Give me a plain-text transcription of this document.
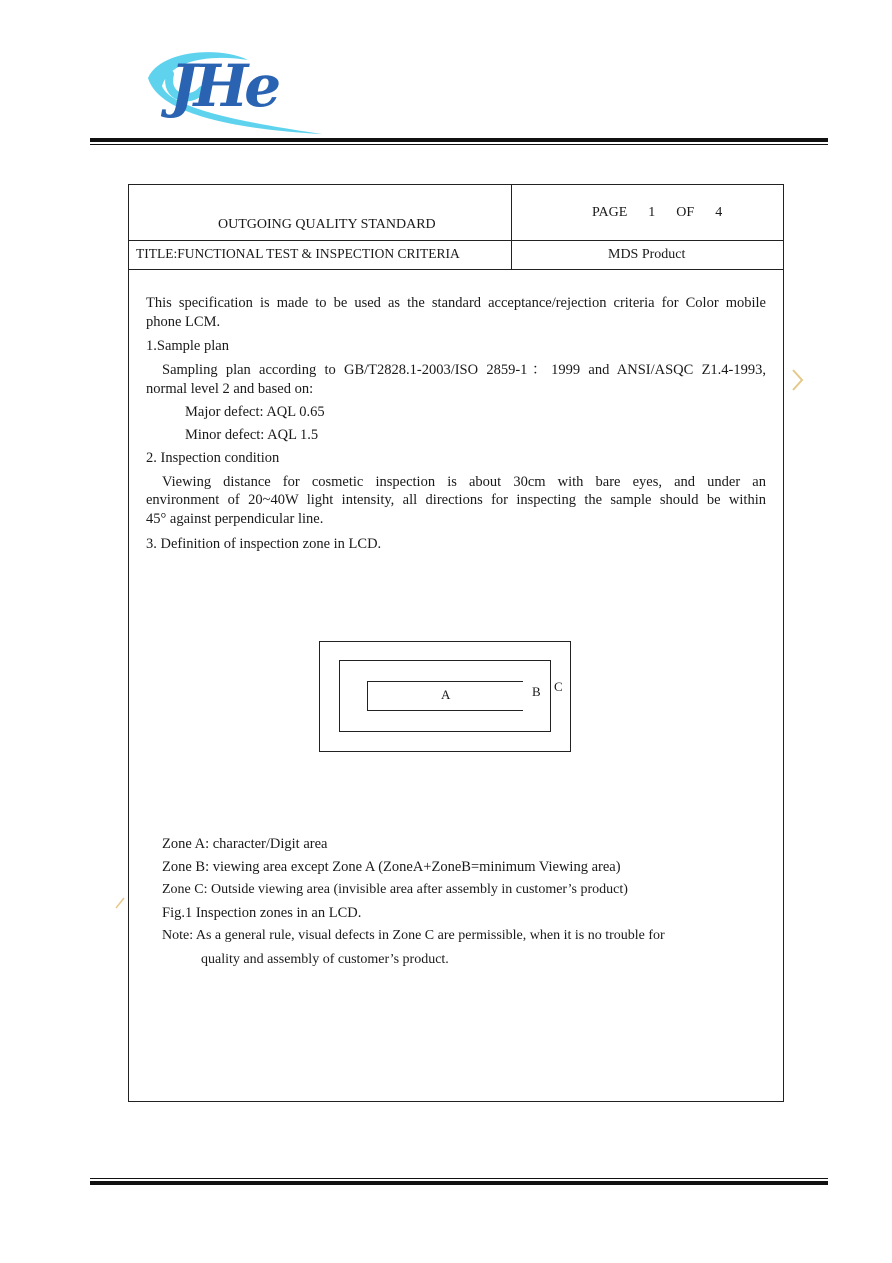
JHe
OUTGOING QUALITY STANDARD
PAGE 1 OF 4
TITLE:FUNCTIONAL TEST & INSPECTION CRITERIA	MDS Product
This specification is made to be used as the standard acceptance/rejection criteria for Color mobile
phone LCM.
1.Sample plan
Sampling plan according to GB/T2828.1-2003/ISO 2859-1：1999 and ANSI/ASQC Z1.4-1993,
normal level 2 and based on:
Major defect: AQL 0.65
Minor defect: AQL 1.5
2. Inspection condition
Viewing distance for cosmetic inspection is about 30cm with bare eyes, and under an
environment of 20~40W light intensity, all directions for inspecting the sample should be within
45° against perpendicular line.
3. Definition of inspection zone in LCD.
A	B C
Zone A: character/Digit area
Zone B: viewing area except Zone A (ZoneA+ZoneB=minimum Viewing area)
Zone C: Outside viewing area (invisible area after assembly in customer’s product)
Fig.1 Inspection zones in an LCD.
Note: As a general rule, visual defects in Zone C are permissible, when it is no trouble for
quality and assembly of customer’s product.
